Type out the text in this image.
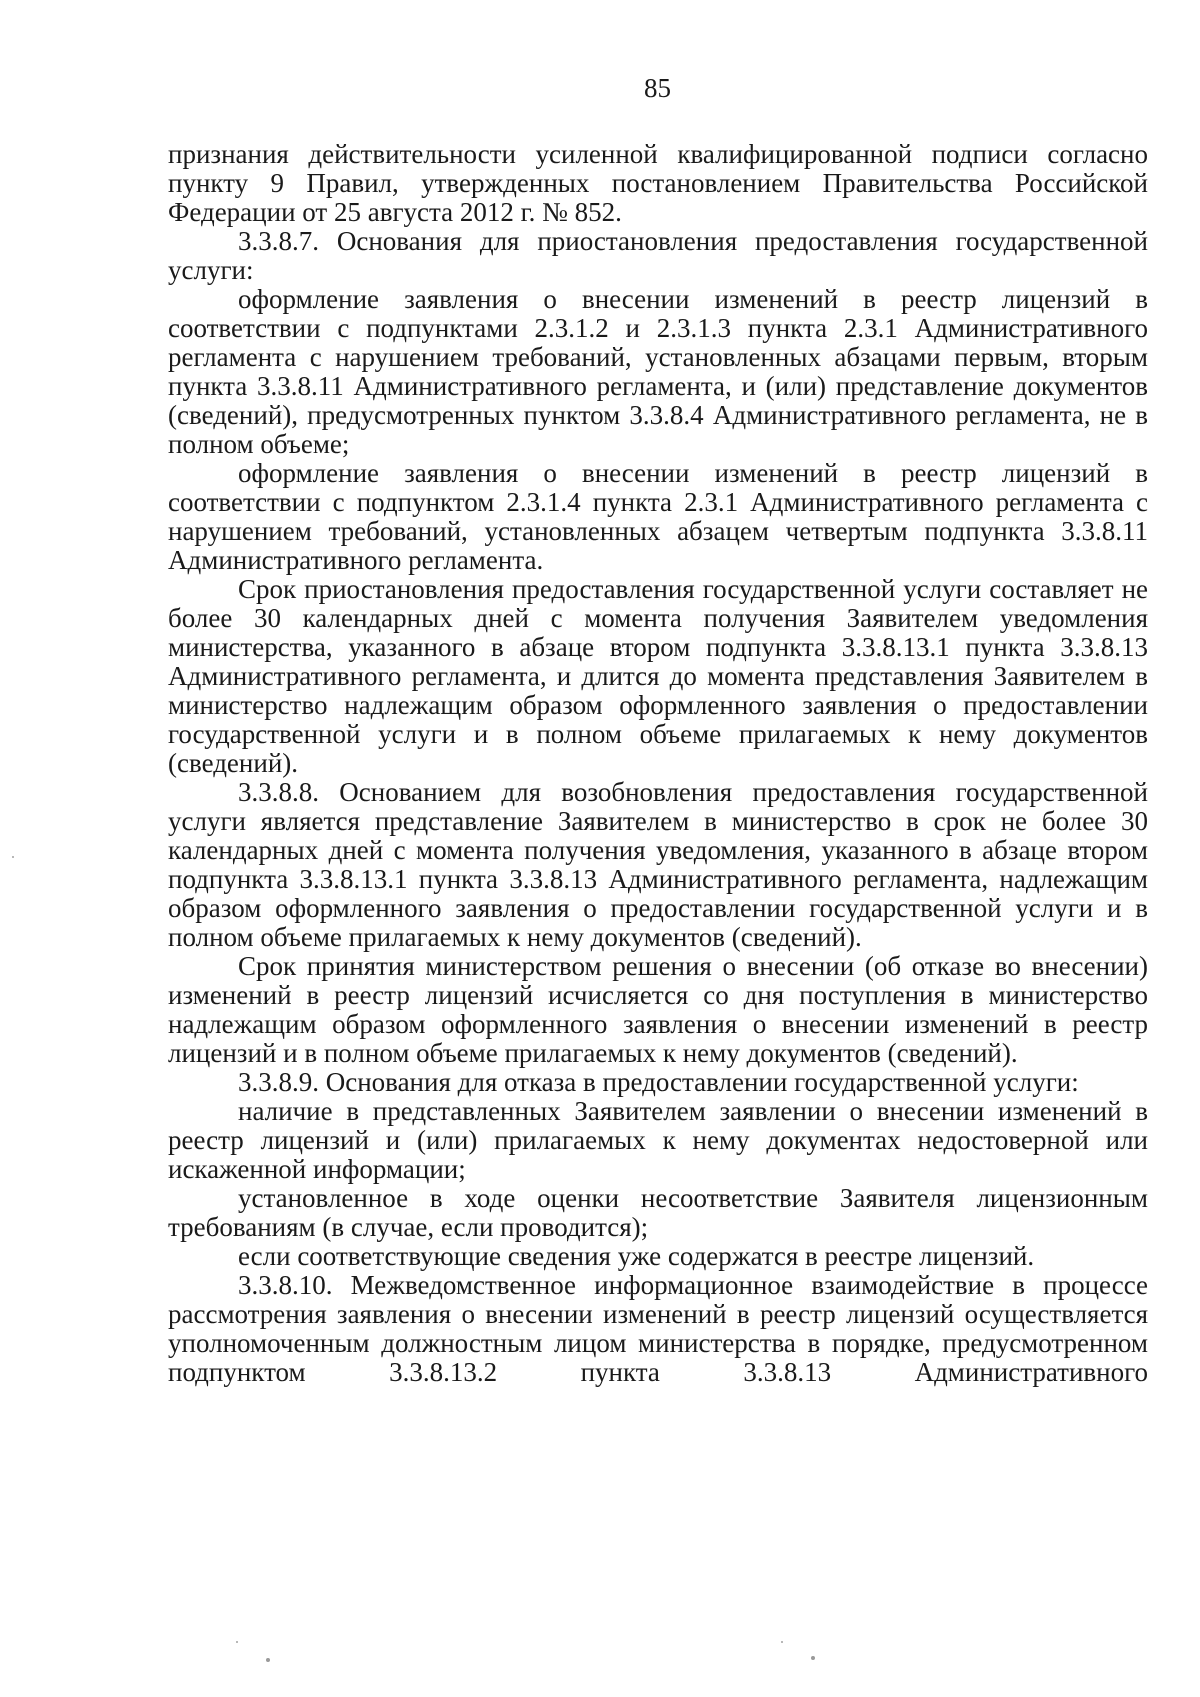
85

признания действительности усиленной квалифицированной подписи согласно пункту 9 Правил, утвержденных постановлением Правительства Российской Федерации от 25 августа 2012 г. № 852.

3.3.8.7. Основания для приостановления предоставления государственной услуги:

оформление заявления о внесении изменений в реестр лицензий в соответствии с подпунктами 2.3.1.2 и 2.3.1.3 пункта 2.3.1 Административного регламента с нарушением требований, установленных абзацами первым, вторым пункта 3.3.8.11 Административного регламента, и (или) представление документов (сведений), предусмотренных пунктом 3.3.8.4 Административного регламента, не в полном объеме;

оформление заявления о внесении изменений в реестр лицензий в соответствии с подпунктом 2.3.1.4 пункта 2.3.1 Административного регламента с нарушением требований, установленных абзацем четвертым подпункта 3.3.8.11 Административного регламента.

Срок приостановления предоставления государственной услуги составляет не более 30 календарных дней с момента получения Заявителем уведомления министерства, указанного в абзаце втором подпункта 3.3.8.13.1 пункта 3.3.8.13 Административного регламента, и длится до момента представления Заявителем в министерство надлежащим образом оформленного заявления о предоставлении государственной услуги и в полном объеме прилагаемых к нему документов (сведений).

3.3.8.8. Основанием для возобновления предоставления государственной услуги является представление Заявителем в министерство в срок не более 30 календарных дней с момента получения уведомления, указанного в абзаце втором подпункта 3.3.8.13.1 пункта 3.3.8.13 Административного регламента, надлежащим образом оформленного заявления о предоставлении государственной услуги и в полном объеме прилагаемых к нему документов (сведений).

Срок принятия министерством решения о внесении (об отказе во внесении) изменений в реестр лицензий исчисляется со дня поступления в министерство надлежащим образом оформленного заявления о внесении изменений в реестр лицензий и в полном объеме прилагаемых к нему документов (сведений).

3.3.8.9. Основания для отказа в предоставлении государственной услуги:

наличие в представленных Заявителем заявлении о внесении изменений в реестр лицензий и (или) прилагаемых к нему документах недостоверной или искаженной информации;

установленное в ходе оценки несоответствие Заявителя лицензионным требованиям (в случае, если проводится);

если соответствующие сведения уже содержатся в реестре лицензий.

3.3.8.10. Межведомственное информационное взаимодействие в процессе рассмотрения заявления о внесении изменений в реестр лицензий осуществляется уполномоченным должностным лицом министерства в порядке, предусмотренном подпунктом 3.3.8.13.2 пункта 3.3.8.13 Административного
